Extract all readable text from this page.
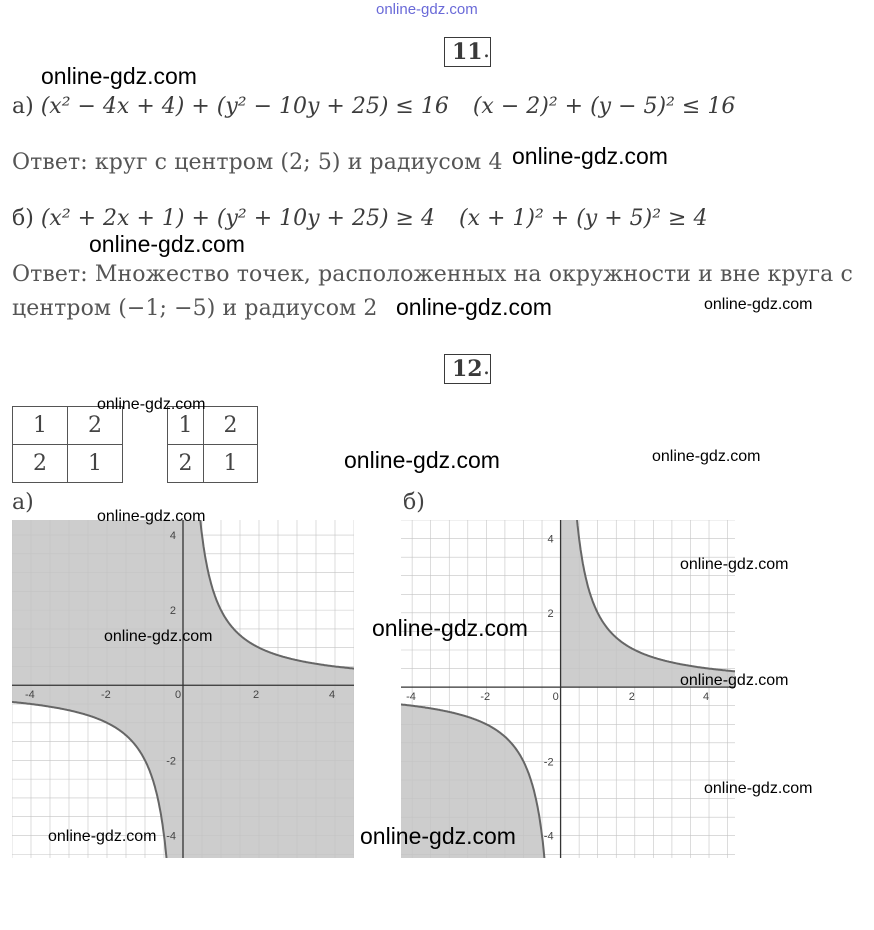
online-gdz.com
11 .
а) (x² − 4x + 4) + (y² − 10y + 25) ≤ 16 (x − 2)² + (y − 5)² ≤ 16
Ответ: круг с центром (2; 5) и радиусом 4
б) (x² + 2x + 1) + (y² + 10y + 25) ≥ 4 (x + 1)² + (y + 5)² ≥ 4
Ответ: Множество точек, расположенных на окружности и вне круга с
центром (−1; −5) и радиусом 2
12 .
1	2
2	1
1	2
2	1
а)	б)
-4	-2	0	2	4
-4
-2
2
4
-4	-2	0	2	4
-4
-2
2
4
online-gdz.com
online-gdz.com
online-gdz.com
online-gdz.com	online-gdz.com
online-gdz.com
online-gdz.com	online-gdz.com
online-gdz.com
online-gdz.com
online-gdz.com
online-gdz.com
online-gdz.com
online-gdz.com
online-gdz.com	online-gdz.com
